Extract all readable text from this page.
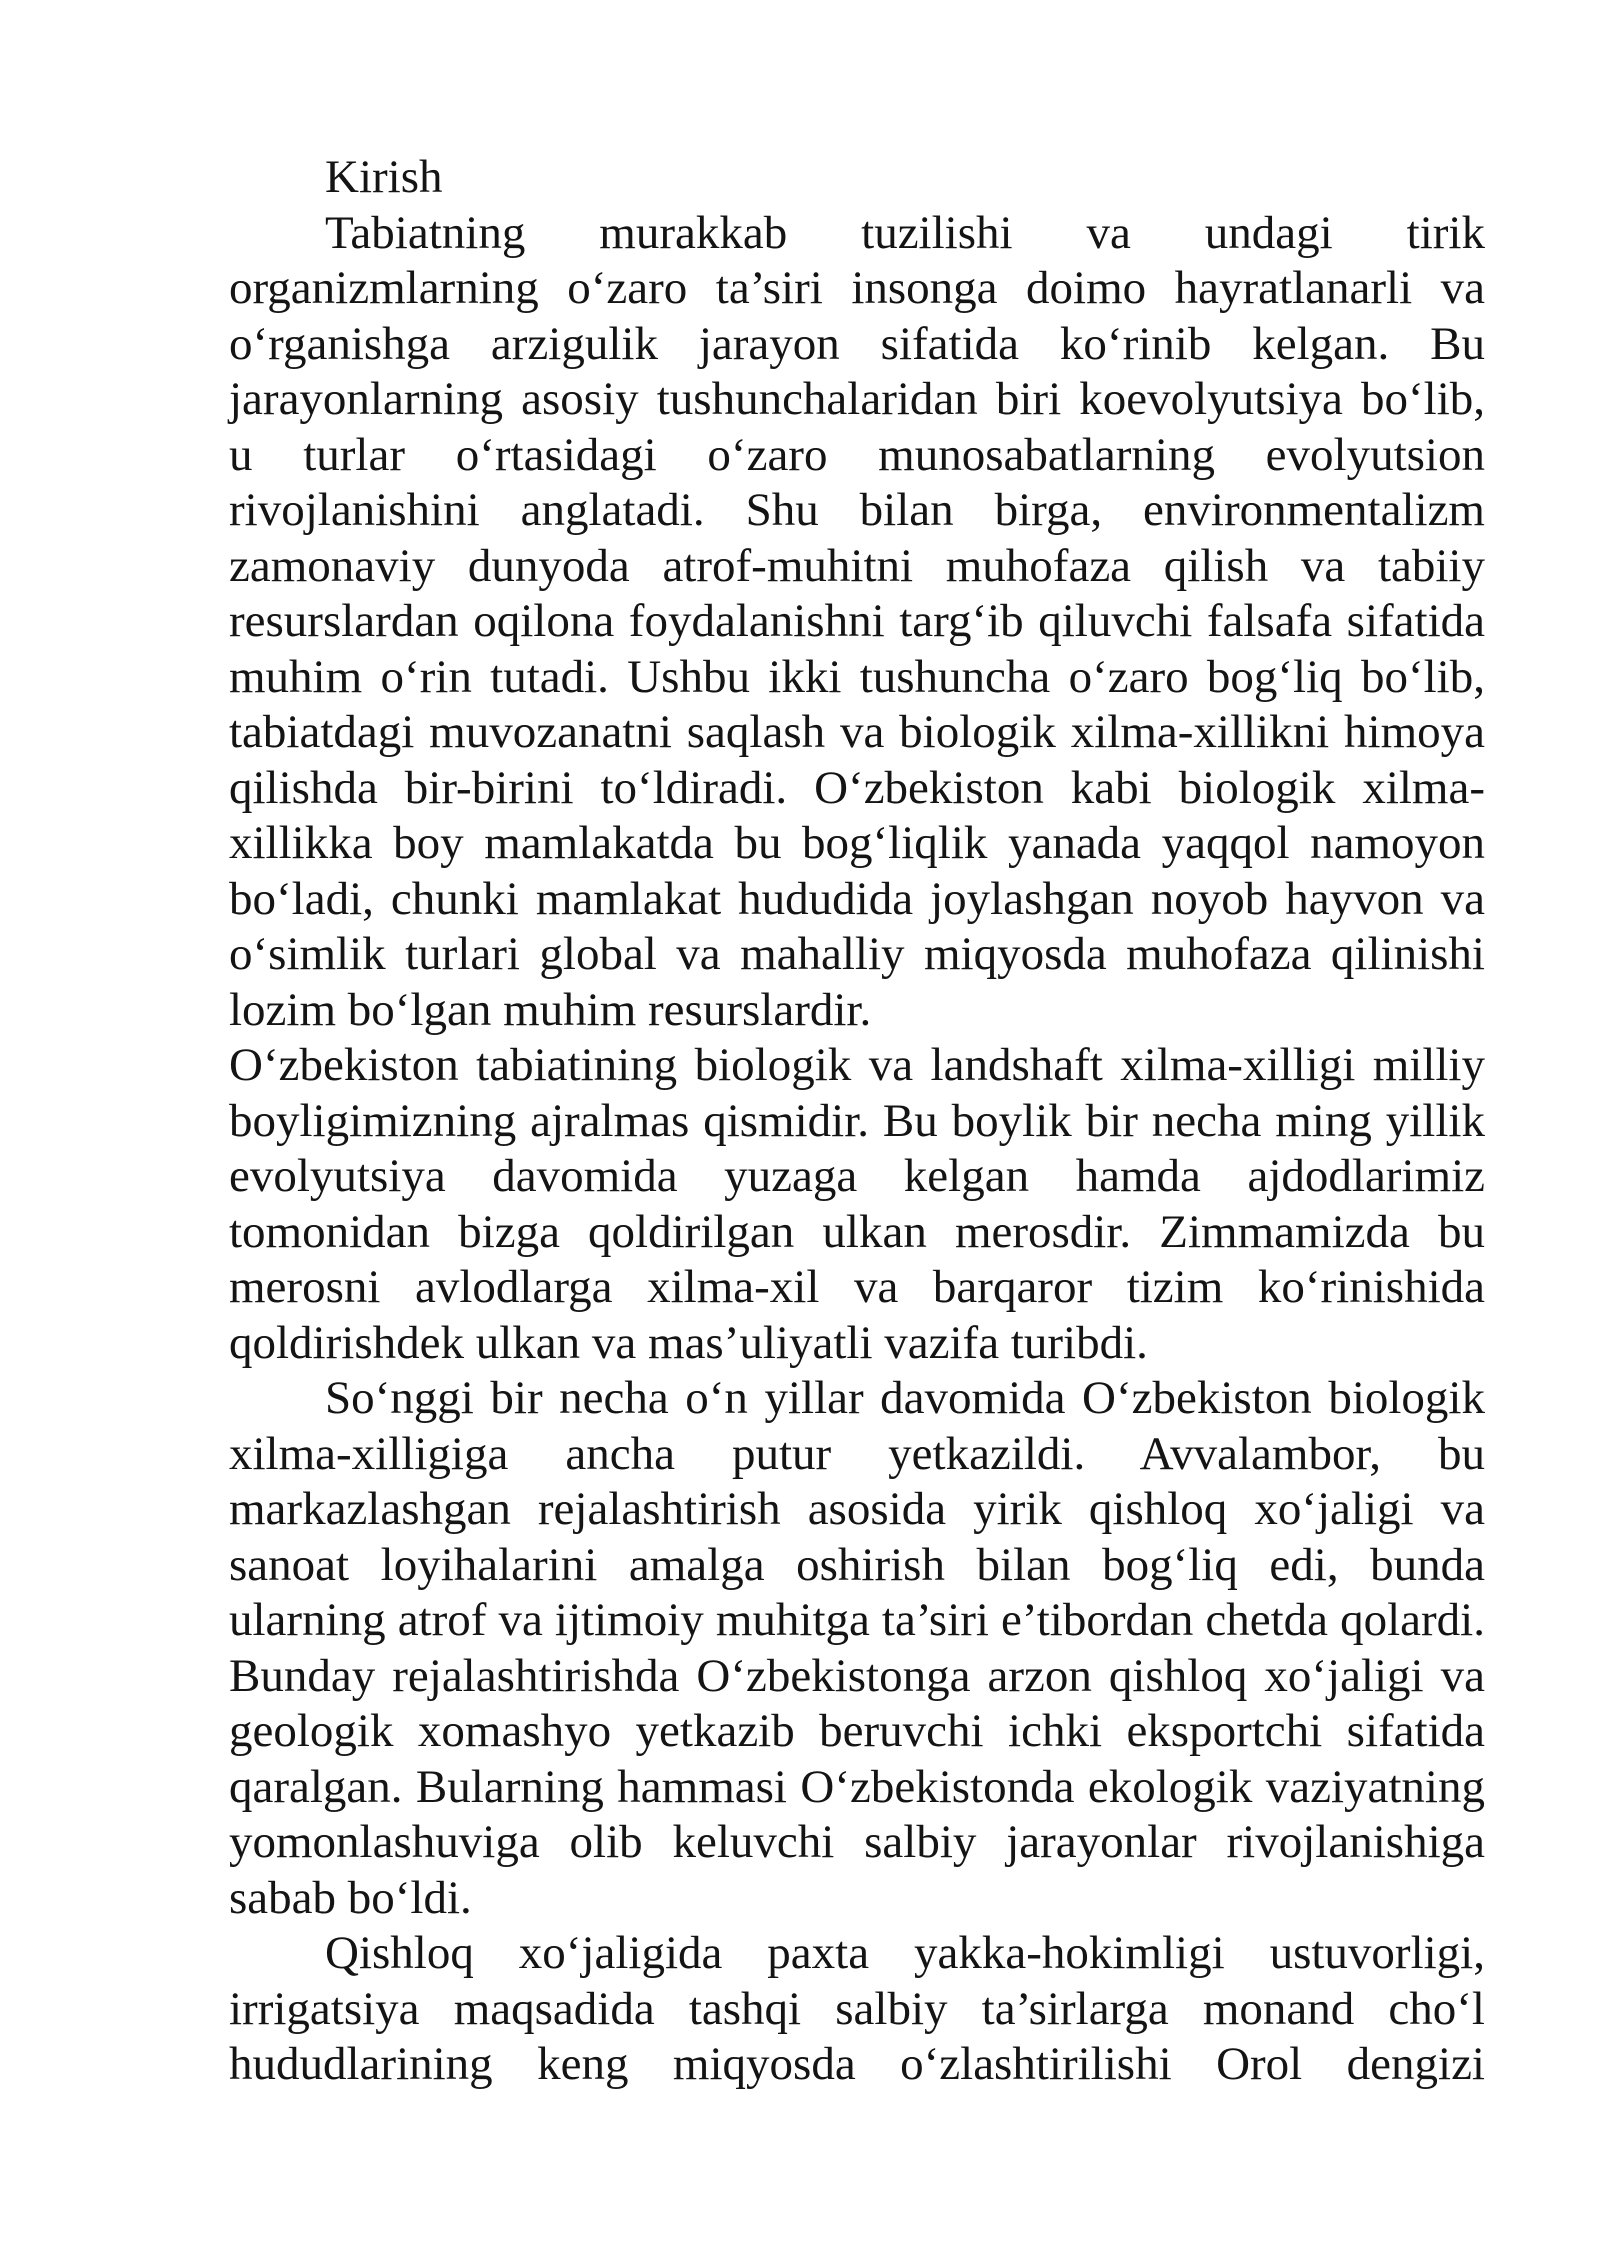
Kirish

Tabiatning murakkab tuzilishi va undagi tirik organizmlarning o‘zaro ta’siri insonga doimo hayratlanarli va o‘rganishga arzigulik jarayon sifatida ko‘rinib kelgan. Bu jarayonlarning asosiy tushunchalaridan biri koevolyutsiya bo‘lib, u turlar o‘rtasidagi o‘zaro munosabatlarning evolyutsion rivojlanishini anglatadi. Shu bilan birga, environmentalizm zamonaviy dunyoda atrof-muhitni muhofaza qilish va tabiiy resurslardan oqilona foydalanishni targ‘ib qiluvchi falsafa sifatida muhim o‘rin tutadi. Ushbu ikki tushuncha o‘zaro bog‘liq bo‘lib, tabiatdagi muvozanatni saqlash va biologik xilma-xillikni himoya qilishda bir-birini to‘ldiradi. O‘zbekiston kabi biologik xilma-xillikka boy mamlakatda bu bog‘liqlik yanada yaqqol namoyon bo‘ladi, chunki mamlakat hududida joylashgan noyob hayvon va o‘simlik turlari global va mahalliy miqyosda muhofaza qilinishi lozim bo‘lgan muhim resurslardir.

O‘zbekiston tabiatining biologik va landshaft xilma-xilligi milliy boyligimizning ajralmas qismidir. Bu boylik bir necha ming yillik evolyutsiya davomida yuzaga kelgan hamda ajdodlarimiz tomonidan bizga qoldirilgan ulkan merosdir. Zimmamizda bu merosni avlodlarga xilma-xil va barqaror tizim ko‘rinishida qoldirishdek ulkan va mas’uliyatli vazifa turibdi.

So‘nggi bir necha o‘n yillar davomida O‘zbekiston biologik xilma-xilligiga ancha putur yetkazildi. Avvalambor, bu markazlashgan rejalashtirish asosida yirik qishloq xo‘jaligi va sanoat loyihalarini amalga oshirish bilan bog‘liq edi, bunda ularning atrof va ijtimoiy muhitga ta’siri e’tibordan chetda qolardi. Bunday rejalashtirishda O‘zbekistonga arzon qishloq xo‘jaligi va geologik xomashyo yetkazib beruvchi ichki eksportchi sifatida qaralgan. Bularning hammasi O‘zbekistonda ekologik vaziyatning yomonlashuviga olib keluvchi salbiy jarayonlar rivojlanishiga sabab bo‘ldi.

Qishloq xo‘jaligida paxta yakka-hokimligi ustuvorligi, irrigatsiya maqsadida tashqi salbiy ta’sirlarga monand cho‘l hududlarining keng miqyosda o‘zlashtirilishi Orol dengizi
